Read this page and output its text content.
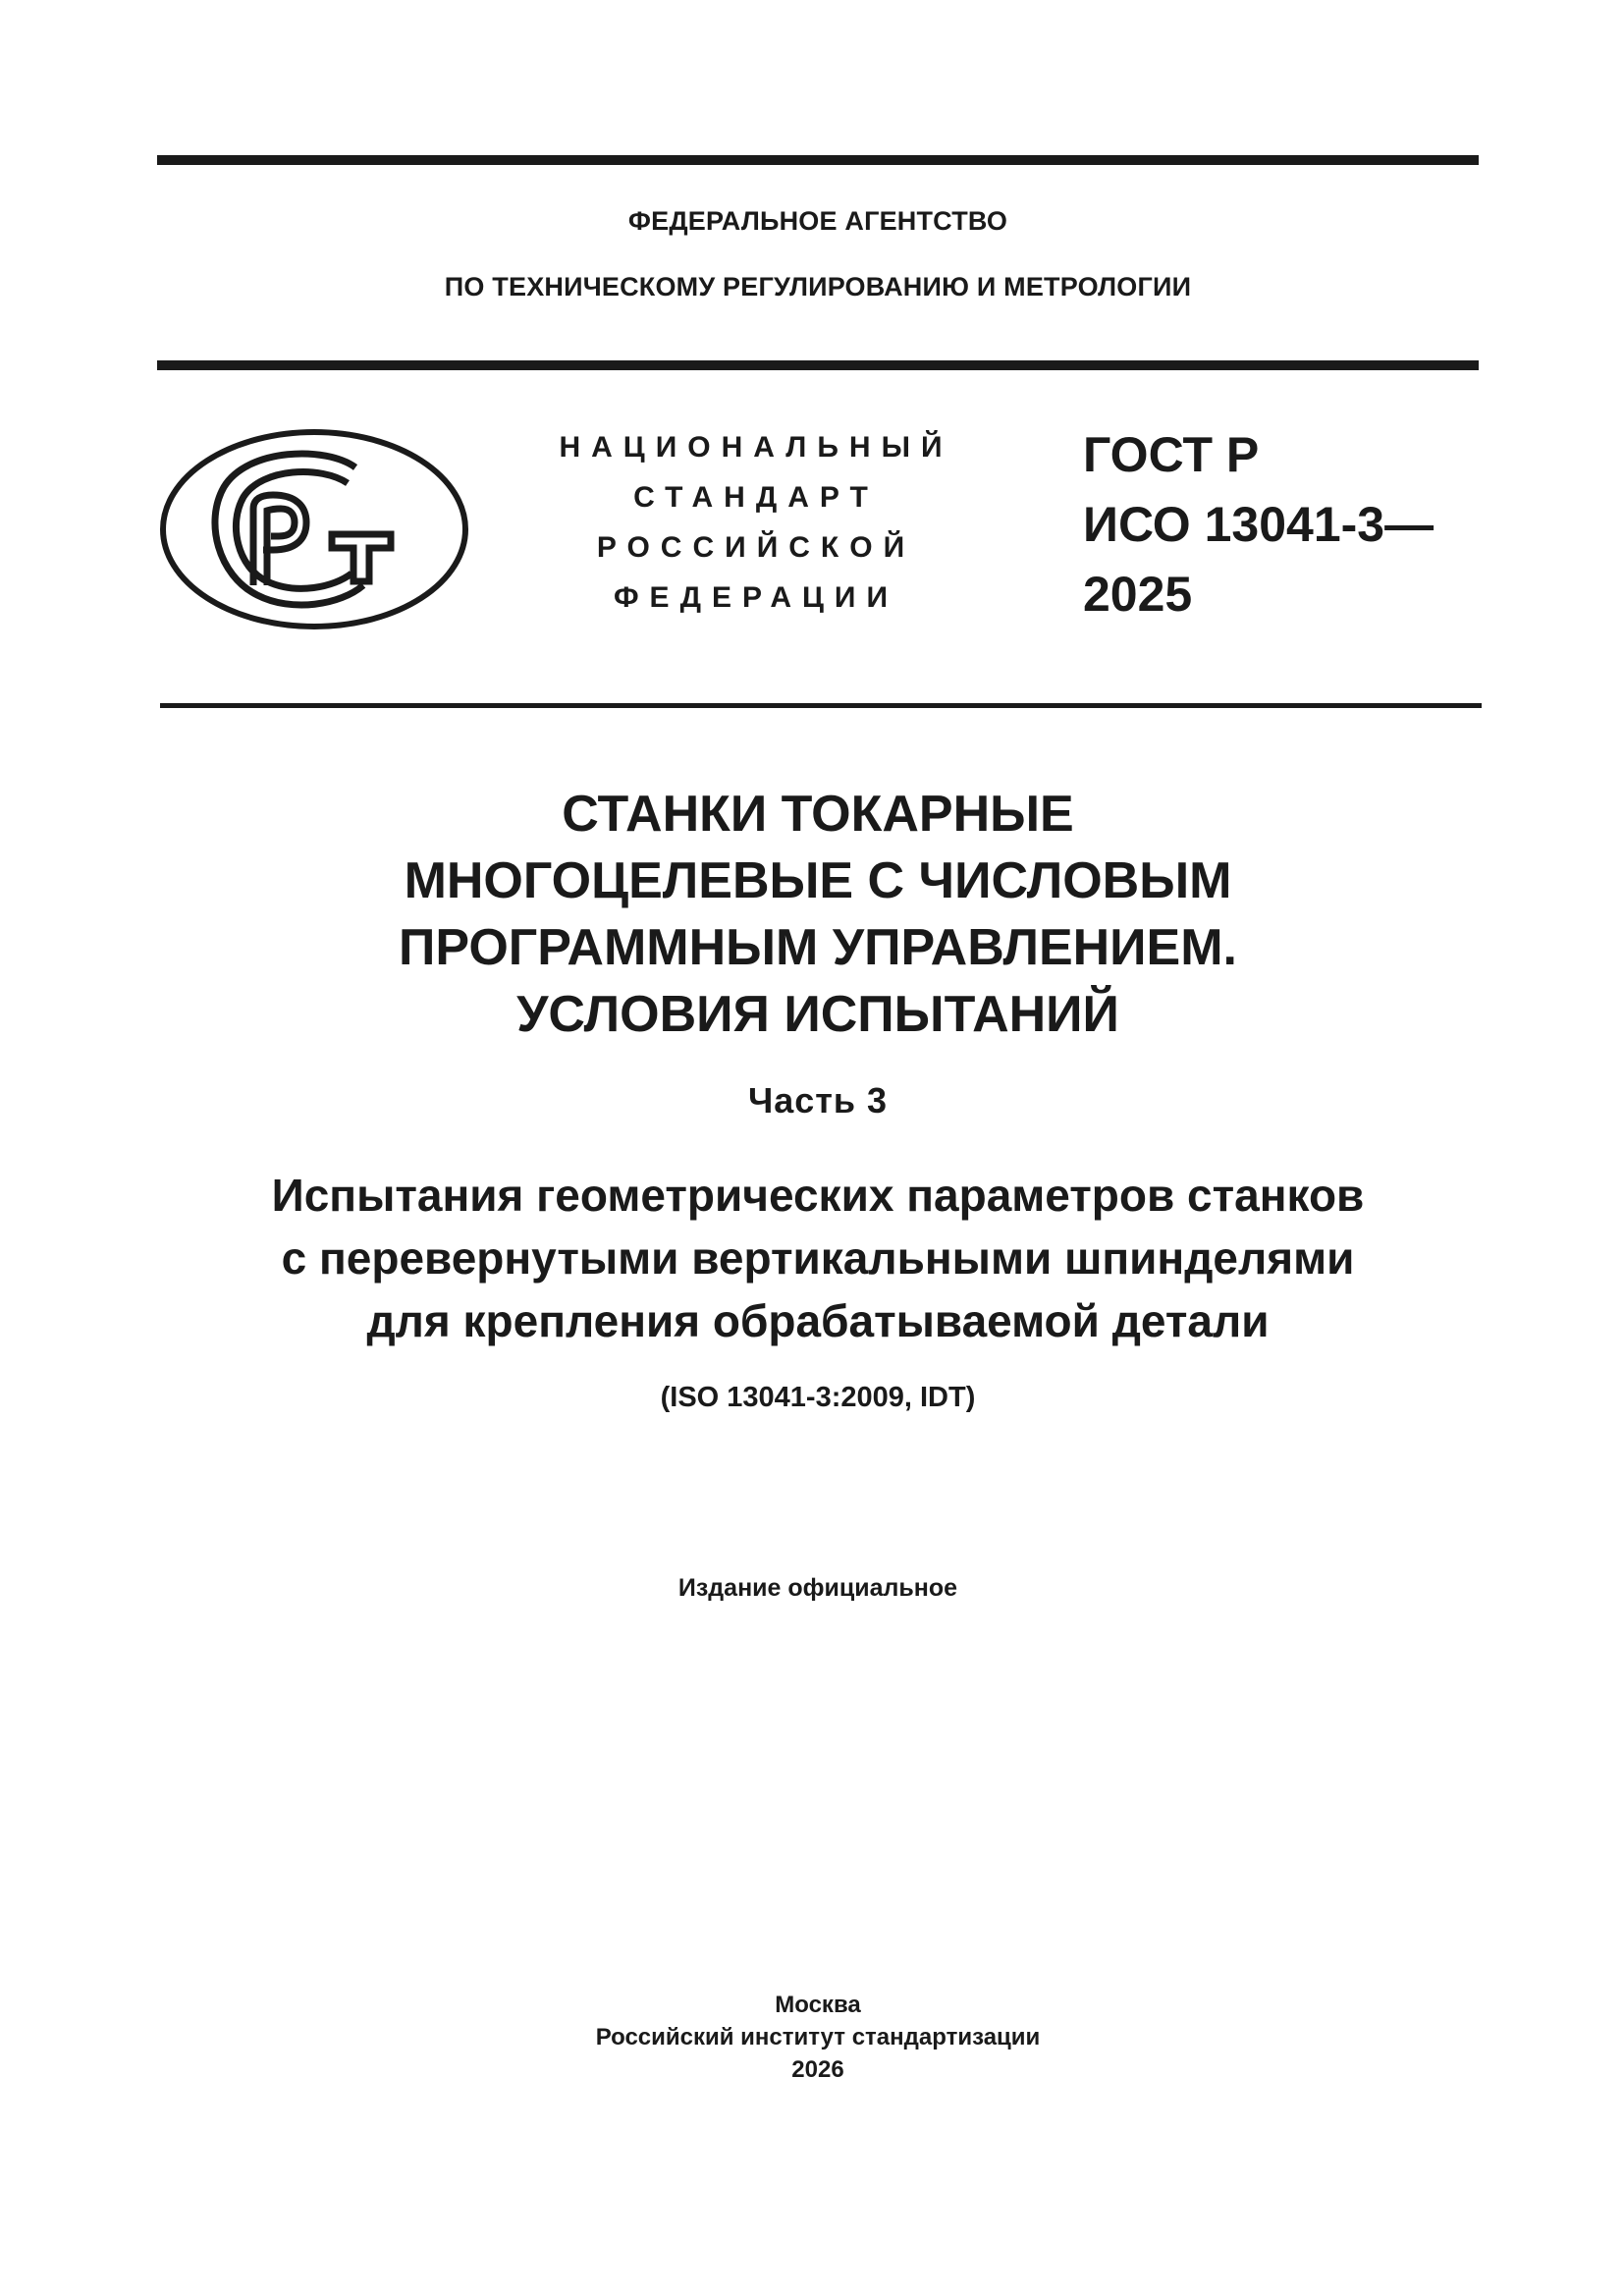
ФЕДЕРАЛЬНОЕ АГЕНТСТВО
ПО ТЕХНИЧЕСКОМУ РЕГУЛИРОВАНИЮ И МЕТРОЛОГИИ
НАЦИОНАЛЬНЫЙ
СТАНДАРТ
РОССИЙСКОЙ
ФЕДЕРАЦИИ
ГОСТ Р
ИСО 13041-3—
2025
СТАНКИ ТОКАРНЫЕ
МНОГОЦЕЛЕВЫЕ С ЧИСЛОВЫМ
ПРОГРАММНЫМ УПРАВЛЕНИЕМ.
УСЛОВИЯ ИСПЫТАНИЙ
Часть 3
Испытания геометрических параметров станков
с перевернутыми вертикальными шпинделями
для крепления обрабатываемой детали
(ISO 13041-3:2009, IDT)
Издание официальное
Москва
Российский институт стандартизации
2026
